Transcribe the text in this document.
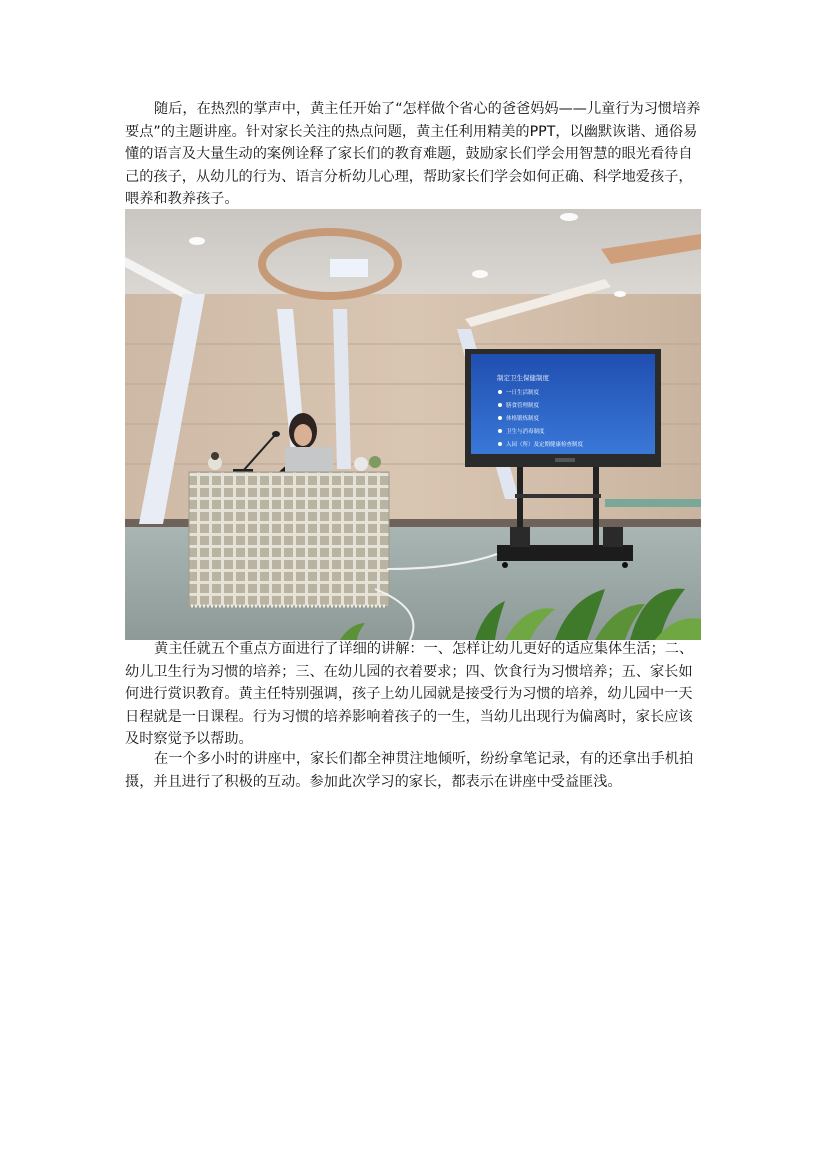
随后，在热烈的掌声中，黄主任开始了“怎样做个省心的爸爸妈妈——儿童行为习惯培养要点”的主题讲座。针对家长关注的热点问题，黄主任利用精美的PPT，以幽默诙谐、通俗易懂的语言及大量生动的案例诠释了家长们的教育难题，鼓励家长们学会用智慧的眼光看待自己的孩子，从幼儿的行为、语言分析幼儿心理，帮助家长们学会如何正确、科学地爱孩子，喂养和教养孩子。

制定卫生保健制度
一日生活制度
膳食管理制度
体格锻炼制度
卫生与消毒制度
入园（所）及定期健康检查制度

黄主任就五个重点方面进行了详细的讲解：一、怎样让幼儿更好的适应集体生活；二、幼儿卫生行为习惯的培养；三、在幼儿园的衣着要求；四、饮食行为习惯培养；五、家长如何进行赏识教育。黄主任特别强调，孩子上幼儿园就是接受行为习惯的培养，幼儿园中一天日程就是一日课程。行为习惯的培养影响着孩子的一生，当幼儿出现行为偏离时，家长应该及时察觉予以帮助。

在一个多小时的讲座中，家长们都全神贯注地倾听，纷纷拿笔记录，有的还拿出手机拍摄，并且进行了积极的互动。参加此次学习的家长，都表示在讲座中受益匪浅。
